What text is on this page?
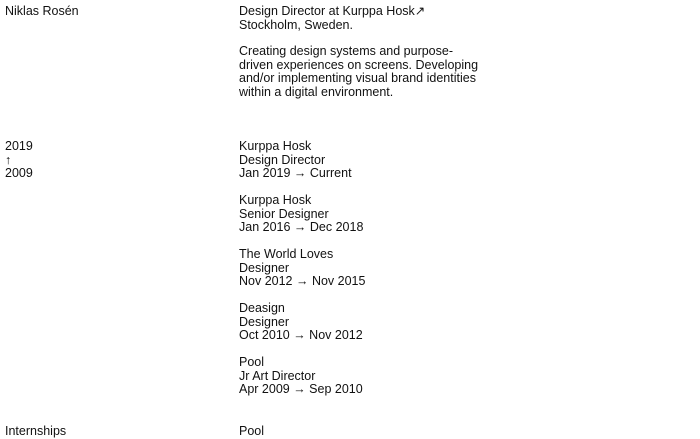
Niklas Rosén	Design Director at Kurppa Hosk↗

Stockholm, Sweden.

Creating design systems and purpose-driven experiences on screens. Developing and/or implementing visual brand identities within a digital environment.

2019
↑
2009
Kurppa Hosk
Design Director
Jan 2019 → Current
Kurppa Hosk
Senior Designer
Jan 2016 → Dec 2018
The World Loves
Designer
Nov 2012 → Nov 2015
Deasign
Designer
Oct 2010 → Nov 2012
Pool
Jr Art Director
Apr 2009 → Sep 2010
Internships	Pool
